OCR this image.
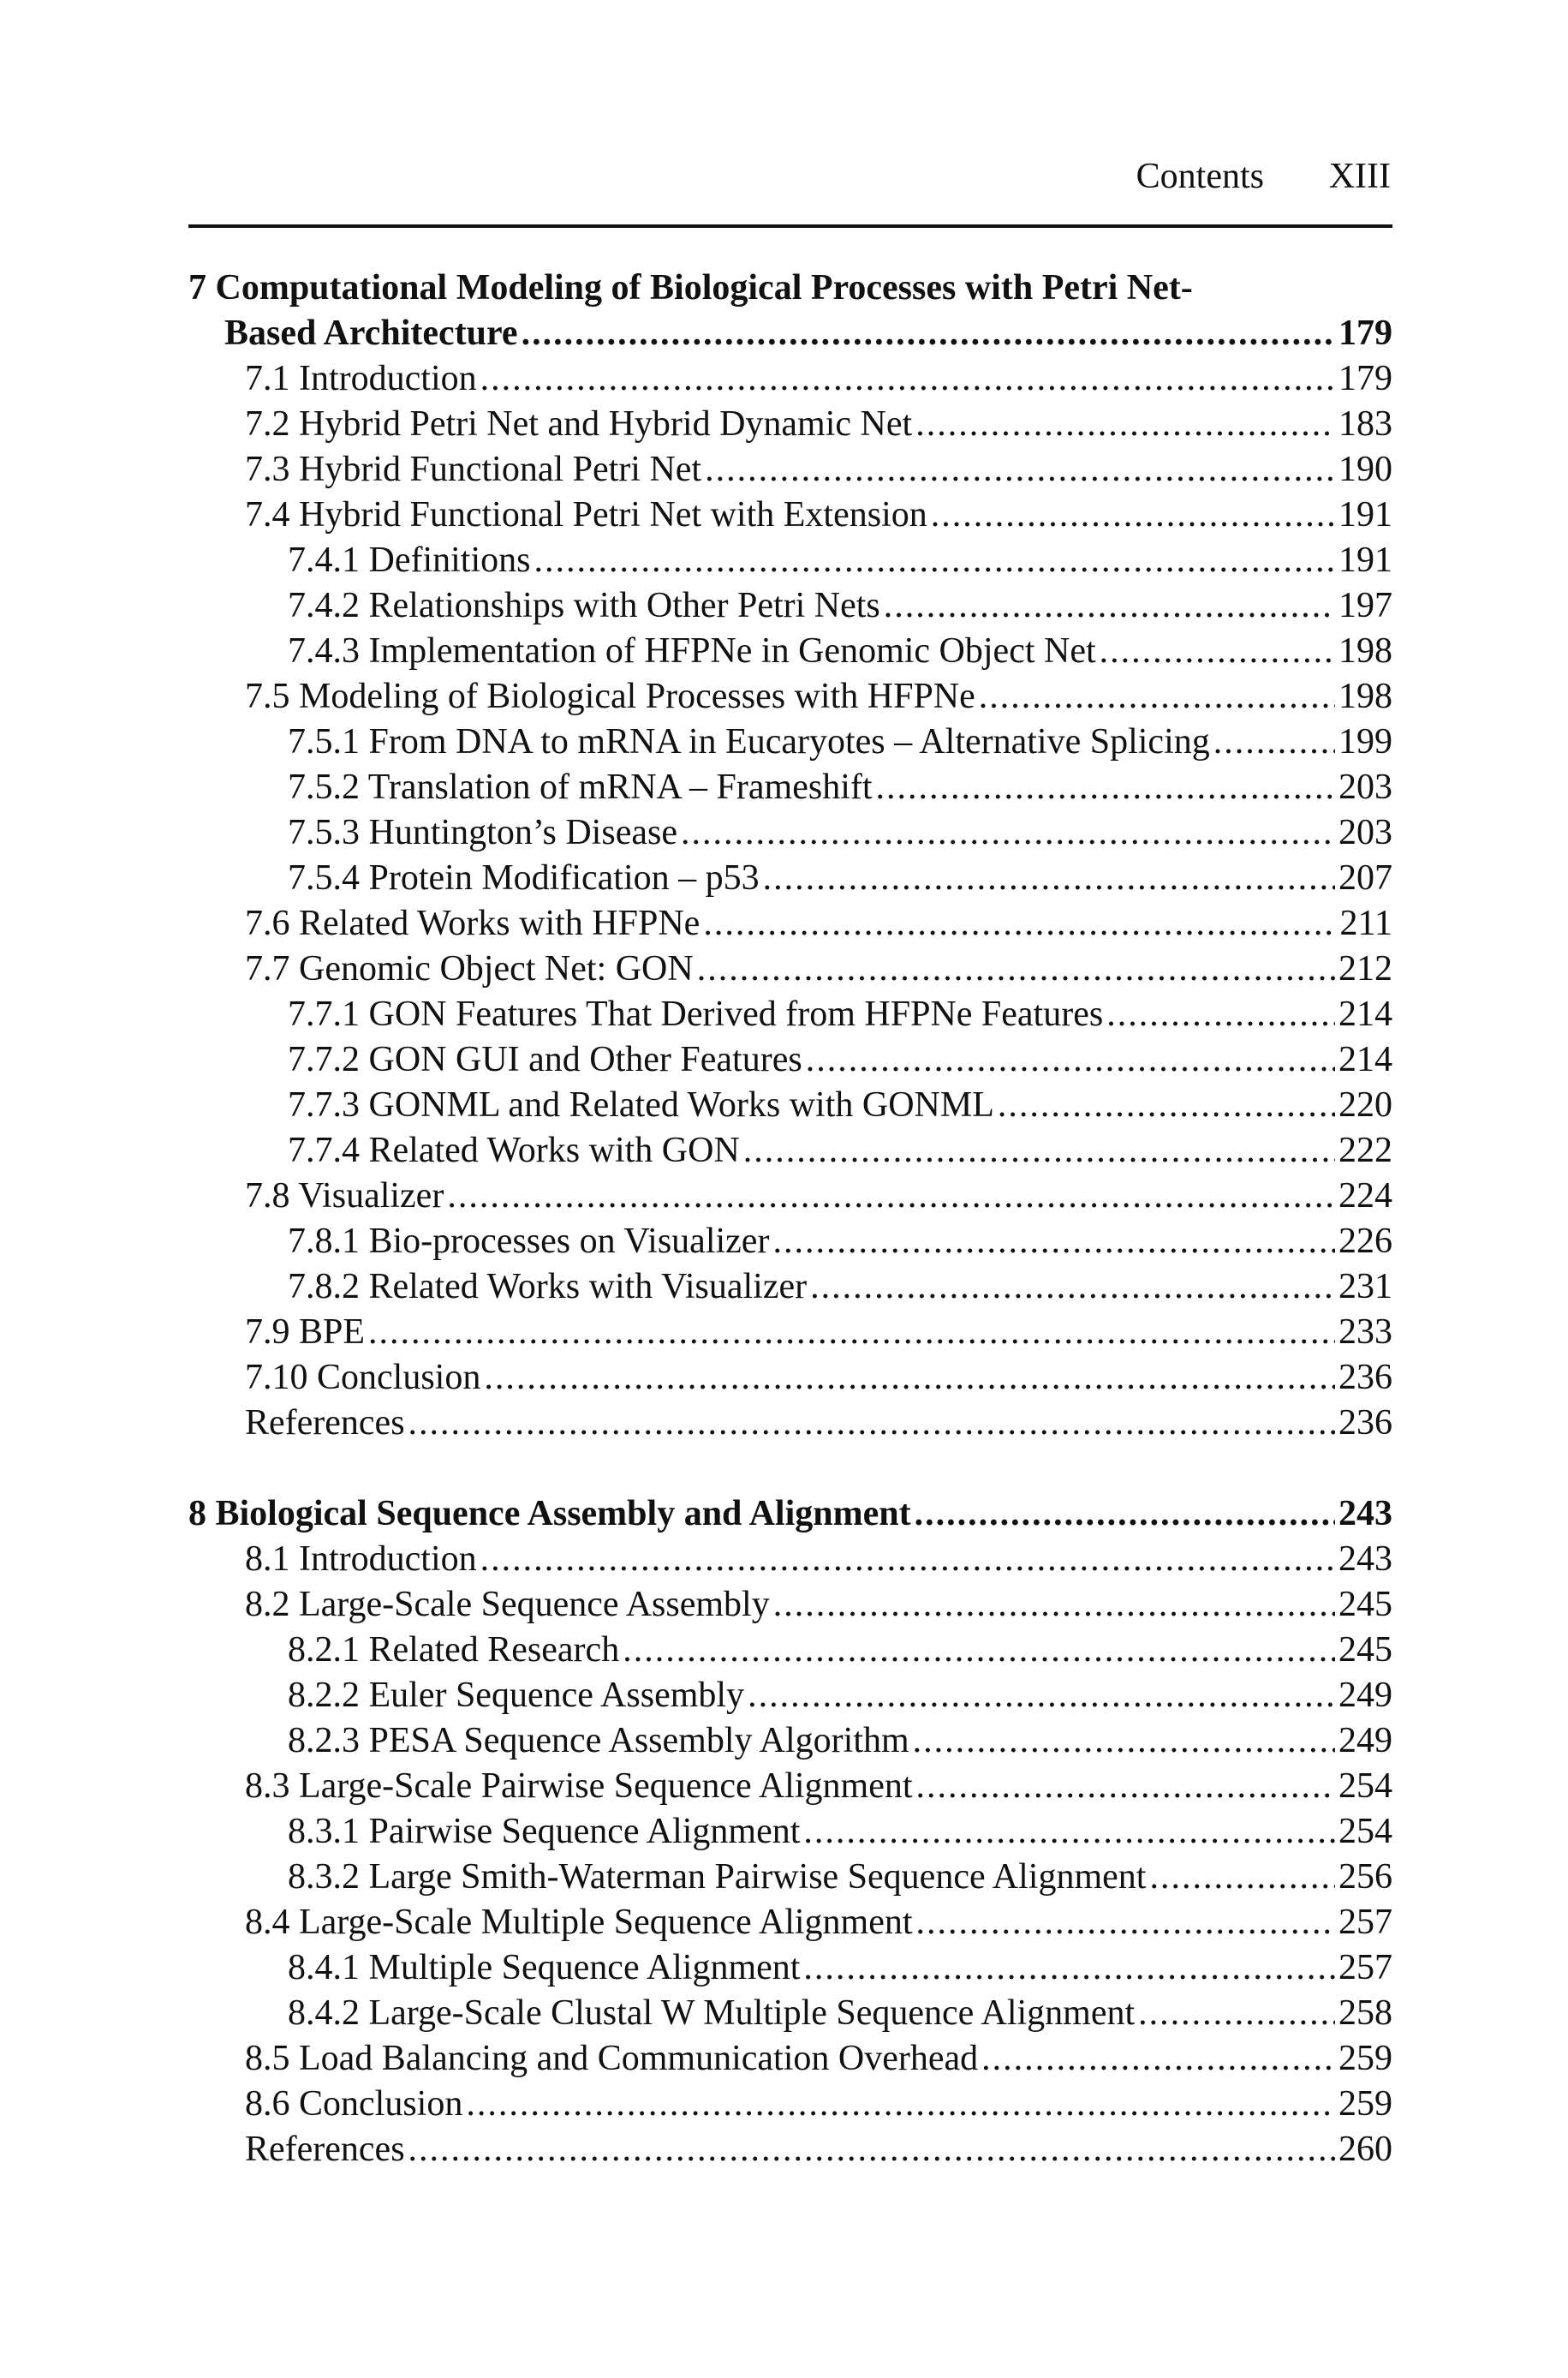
Contents XIII
7 Computational Modeling of Biological Processes with Petri Net-
Based Architecture .....	179
7.1 Introduction .....	179
7.2 Hybrid Petri Net and Hybrid Dynamic Net .....	183
7.3 Hybrid Functional Petri Net .....	190
7.4 Hybrid Functional Petri Net with Extension .....	191
7.4.1 Definitions .....	191
7.4.2 Relationships with Other Petri Nets .....	197
7.4.3 Implementation of HFPNe in Genomic Object Net .....	198
7.5 Modeling of Biological Processes with HFPNe .....	198
7.5.1 From DNA to mRNA in Eucaryotes – Alternative Splicing .....	199
7.5.2 Translation of mRNA – Frameshift .....	203
7.5.3 Huntington’s Disease .....	203
7.5.4 Protein Modification – p53 .....	207
7.6 Related Works with HFPNe .....	211
7.7 Genomic Object Net: GON .....	212
7.7.1 GON Features That Derived from HFPNe Features .....	214
7.7.2 GON GUI and Other Features .....	214
7.7.3 GONML and Related Works with GONML .....	220
7.7.4 Related Works with GON .....	222
7.8 Visualizer .....	224
7.8.1 Bio-processes on Visualizer .....	226
7.8.2 Related Works with Visualizer .....	231
7.9 BPE .....	233
7.10 Conclusion .....	236
References .....	236
8 Biological Sequence Assembly and Alignment .....	243
8.1 Introduction .....	243
8.2 Large-Scale Sequence Assembly .....	245
8.2.1 Related Research .....	245
8.2.2 Euler Sequence Assembly .....	249
8.2.3 PESA Sequence Assembly Algorithm .....	249
8.3 Large-Scale Pairwise Sequence Alignment .....	254
8.3.1 Pairwise Sequence Alignment .....	254
8.3.2 Large Smith-Waterman Pairwise Sequence Alignment .....	256
8.4 Large-Scale Multiple Sequence Alignment .....	257
8.4.1 Multiple Sequence Alignment .....	257
8.4.2 Large-Scale Clustal W Multiple Sequence Alignment .....	258
8.5 Load Balancing and Communication Overhead .....	259
8.6 Conclusion .....	259
References .....	260
